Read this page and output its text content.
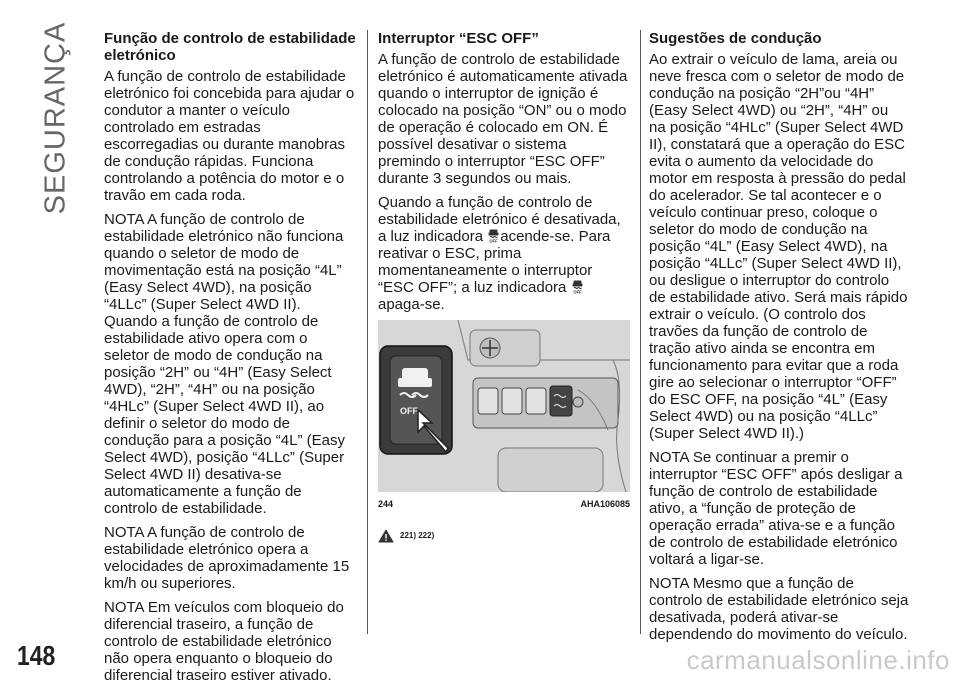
SEGURANÇA
148
Função de controlo de estabilidade eletrónico

A função de controlo de estabilidade eletrónico foi concebida para ajudar o condutor a manter o veículo controlado em estradas escorregadias ou durante manobras de condução rápidas. Funciona controlando a potência do motor e o travão em cada roda.

NOTA A função de controlo de estabilidade eletrónico não funciona quando o seletor de modo de movimentação está na posição “4L” (Easy Select 4WD), na posição “4LLc” (Super Select 4WD II). Quando a função de controlo de estabilidade ativo opera com o seletor de modo de condução na posição “2H” ou “4H” (Easy Select 4WD), “2H”, “4H” ou na posição “4HLc” (Super Select 4WD II), ao definir o seletor do modo de condução para a posição “4L” (Easy Select 4WD), posição “4LLc” (Super Select 4WD II) desativa-se automaticamente a função de controlo de estabilidade.

NOTA A função de controlo de estabilidade eletrónico opera a velocidades de aproximadamente 15 km/h ou superiores.

NOTA Em veículos com bloqueio do diferencial traseiro, a função de controlo de estabilidade eletrónico não opera enquanto o bloqueio do diferencial traseiro estiver ativado.

Interruptor “ESC OFF”

A função de controlo de estabilidade eletrónico é automaticamente ativada quando o interruptor de ignição é colocado na posição “ON” ou o modo de operação é colocado em ON. É possível desativar o sistema premindo o interruptor “ESC OFF” durante 3 segundos ou mais.

Quando a função de controlo de estabilidade eletrónico é desativada, a luz indicadora OFF acende-se. Para reativar o ESC, prima momentaneamente o interruptor “ESC OFF”; a luz indicadora OFF
apaga-se.

OFF
244	AHA106085
221) 222)
Sugestões de condução

Ao extrair o veículo de lama, areia ou neve fresca com o seletor de modo de condução na posição “2H”ou “4H” (Easy Select 4WD) ou “2H”, “4H” ou na posição “4HLc” (Super Select 4WD II), constatará que a operação do ESC evita o aumento da velocidade do motor em resposta à pressão do pedal do acelerador. Se tal acontecer e o veículo continuar preso, coloque o seletor do modo de condução na posição “4L” (Easy Select 4WD), na posição “4LLc” (Super Select 4WD II), ou desligue o interruptor do controlo de estabilidade ativo. Será mais rápido extrair o veículo. (O controlo dos travões da função de controlo de tração ativo ainda se encontra em funcionamento para evitar que a roda gire ao selecionar o interruptor “OFF” do ESC OFF, na posição “4L” (Easy Select 4WD) ou na posição “4LLc” (Super Select 4WD II).)

NOTA Se continuar a premir o interruptor “ESC OFF” após desligar a função de controlo de estabilidade ativo, a “função de proteção de operação errada” ativa-se e a função de controlo de estabilidade eletrónico voltará a ligar-se.

NOTA Mesmo que a função de controlo de estabilidade eletrónico seja desativada, poderá ativar-se dependendo do movimento do veículo.

carmanualsonline.info
